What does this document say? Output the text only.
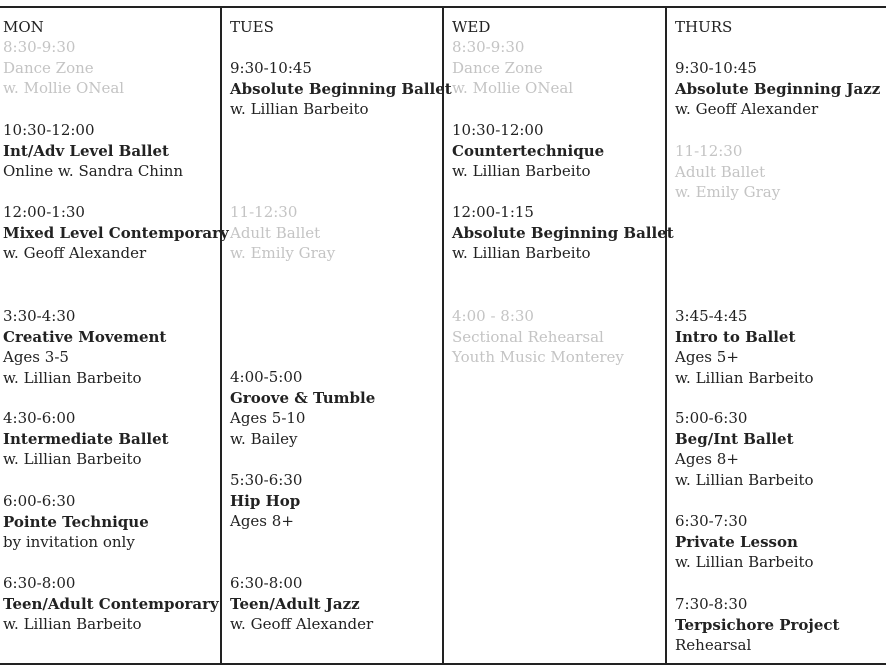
MON
8:30-9:30
Dance Zone
w. Mollie ONeal
10:30-12:00
Int/Adv Level Ballet
Online w. Sandra Chinn
12:00-1:30
Mixed Level Contemporary
w. Geoff Alexander
3:30-4:30
Creative Movement
Ages 3-5
w. Lillian Barbeito
4:30-6:00
Intermediate Ballet
w. Lillian Barbeito
6:00-6:30
Pointe Technique
by invitation only
6:30-8:00
Teen/Adult Contemporary
w. Lillian Barbeito
TUES
9:30-10:45
Absolute Beginning Ballet
w. Lillian Barbeito
11-12:30
Adult Ballet
w. Emily Gray
4:00-5:00
Groove & Tumble
Ages 5-10
w. Bailey
5:30-6:30
Hip Hop
Ages 8+
6:30-8:00
Teen/Adult Jazz
w. Geoff Alexander
WED
8:30-9:30
Dance Zone
w. Mollie ONeal
10:30-12:00
Countertechnique
w. Lillian Barbeito
12:00-1:15
Absolute Beginning Ballet
w. Lillian Barbeito
4:00 - 8:30
Sectional Rehearsal
Youth Music Monterey
THURS
9:30-10:45
Absolute Beginning Jazz
w. Geoff Alexander
11-12:30
Adult Ballet
w. Emily Gray
3:45-4:45
Intro to Ballet
Ages 5+
w. Lillian Barbeito
5:00-6:30
Beg/Int Ballet
Ages 8+
w. Lillian Barbeito
6:30-7:30
Private Lesson
w. Lillian Barbeito
7:30-8:30
Terpsichore Project
Rehearsal
